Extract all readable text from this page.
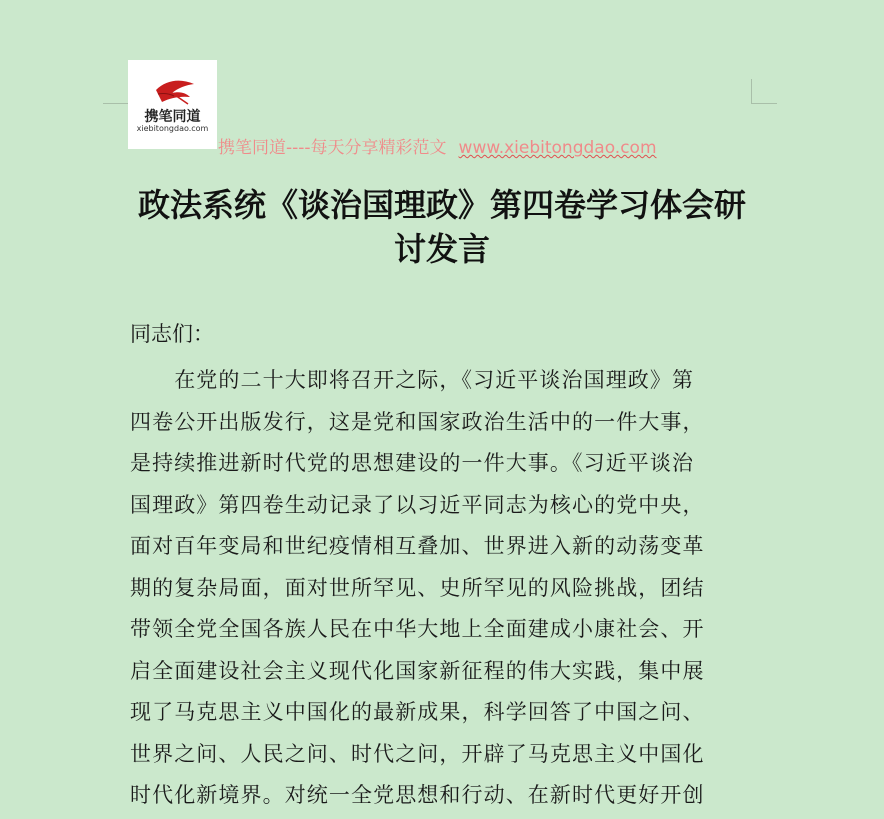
携笔同道
xiebitongdao.com
携笔同道----每天分享精彩范文 www.xiebitongdao.com
政法系统《谈治国理政》第四卷学习体会研
讨发言
同志们：
　　在党的二十大即将召开之际，《习近平谈治国理政》第
四卷公开出版发行，这是党和国家政治生活中的一件大事，
是持续推进新时代党的思想建设的一件大事。《习近平谈治
国理政》第四卷生动记录了以习近平同志为核心的党中央，
面对百年变局和世纪疫情相互叠加、世界进入新的动荡变革
期的复杂局面，面对世所罕见、史所罕见的风险挑战，团结
带领全党全国各族人民在中华大地上全面建成小康社会、开
启全面建设社会主义现代化国家新征程的伟大实践，集中展
现了马克思主义中国化的最新成果，科学回答了中国之问、
世界之问、人民之问、时代之问，开辟了马克思主义中国化
时代化新境界。对统一全党思想和行动、在新时代更好开创
